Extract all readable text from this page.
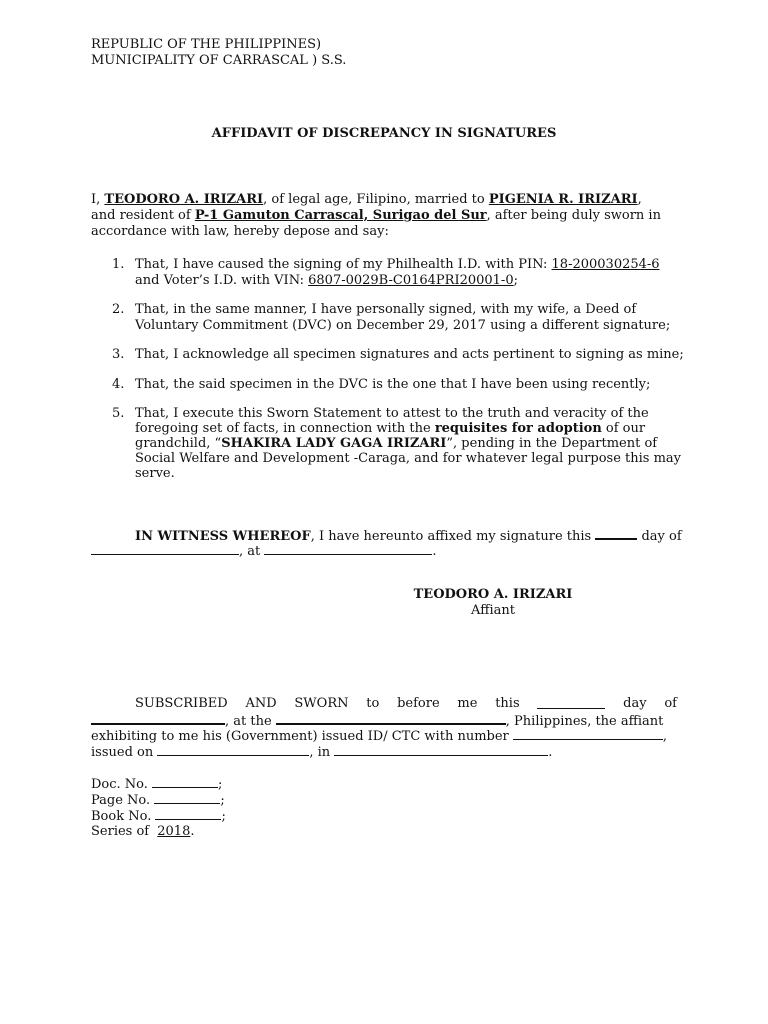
REPUBLIC OF THE PHILIPPINES)
MUNICIPALITY OF CARRASCAL ) S.S.
AFFIDAVIT OF DISCREPANCY IN SIGNATURES
I, TEODORO A. IRIZARI, of legal age, Filipino, married to PIGENIA R. IRIZARI,
and resident of P-1 Gamuton Carrascal, Surigao del Sur, after being duly sworn in
accordance with law, hereby depose and say:
1. That, I have caused the signing of my Philhealth I.D. with PIN: 18-200030254-6
and Voter’s I.D. with VIN: 6807-0029B-C0164PRI20001-0;
2. That, in the same manner, I have personally signed, with my wife, a Deed of
Voluntary Commitment (DVC) on December 29, 2017 using a different signature;
3. That, I acknowledge all specimen signatures and acts pertinent to signing as mine;
4. That, the said specimen in the DVC is the one that I have been using recently;
5. That, I execute this Sworn Statement to attest to the truth and veracity of the
foregoing set of facts, in connection with the requisites for adoption of our
grandchild, “SHAKIRA LADY GAGA IRIZARI”, pending in the Department of
Social Welfare and Development -Caraga, and for whatever legal purpose this may
serve.
IN WITNESS WHEREOF, I have hereunto affixed my signature this	day of
, at	.
TEODORO A. IRIZARI
Affiant
SUBSCRIBED AND SWORN to before me this	day of
, at the	, Philippines, the affiant
exhibiting to me his (Government) issued ID/ CTC with number	,
issued on	, in	.
Doc. No.	;
Page No.	;
Book No.	;
Series of 2018.
